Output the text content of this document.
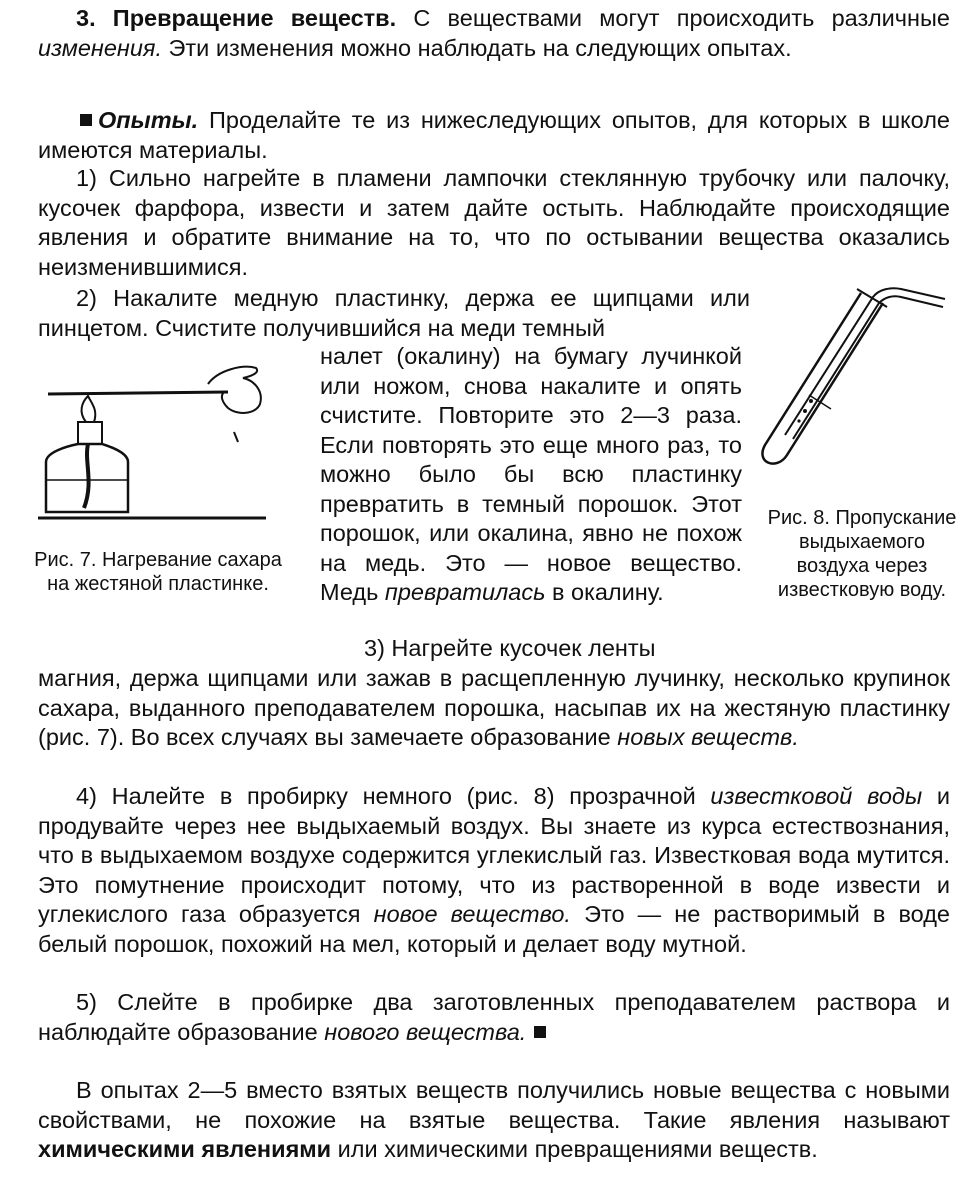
3. Превращение веществ. С веществами могут происходить различные изменения. Эти изменения можно наблюдать на следующих опытах.

Опыты. Проделайте те из нижеследующих опытов, для которых в школе имеются материалы.

1) Сильно нагрейте в пламени лампочки стеклянную трубочку или палочку, кусочек фарфора, извести и затем дайте остыть. Наблюдайте происходящие явления и обратите внимание на то, что по остывании вещества оказались неизменившимися.

2) Накалите медную пластинку, держа ее щипцами или пинцетом. Счистите получившийся на меди темный

налет (окалину) на бумагу лучинкой или ножом, снова накалите и опять счистите. Повторите это 2—3 раза. Если повторять это еще много раз, то можно было бы всю пластинку превратить в темный порошок. Этот порошок, или окалина, явно не похож на медь. Это — новое вещество. Медь превратилась в окалину.

3) Нагрейте кусочек ленты

магния, держа щипцами или зажав в расщепленную лучинку, несколько крупинок сахара, выданного преподавателем порошка, насыпав их на жестяную пластинку (рис. 7). Во всех случаях вы замечаете образование новых веществ.

4) Налейте в пробирку немного (рис. 8) прозрачной известковой воды и продувайте через нее выдыхаемый воздух. Вы знаете из курса естествознания, что в выдыхаемом воздухе содержится углекислый газ. Известковая вода мутится. Это помутнение происходит потому, что из растворенной в воде извести и углекислого газа образуется новое вещество. Это — не растворимый в воде белый порошок, похожий на мел, который и делает воду мутной.

5) Слейте в пробирке два заготовленных преподавателем раствора и наблюдайте образование нового вещества.

В опытах 2—5 вместо взятых веществ получились новые вещества с новыми свойствами, не похожие на взятые вещества. Такие явления называют химическими явлениями или химическими превращениями веществ.

Рис. 7. Нагревание сахара на жестяной пластинке.

Рис. 8. Пропускание выдыхаемого воздуха через известковую воду.
